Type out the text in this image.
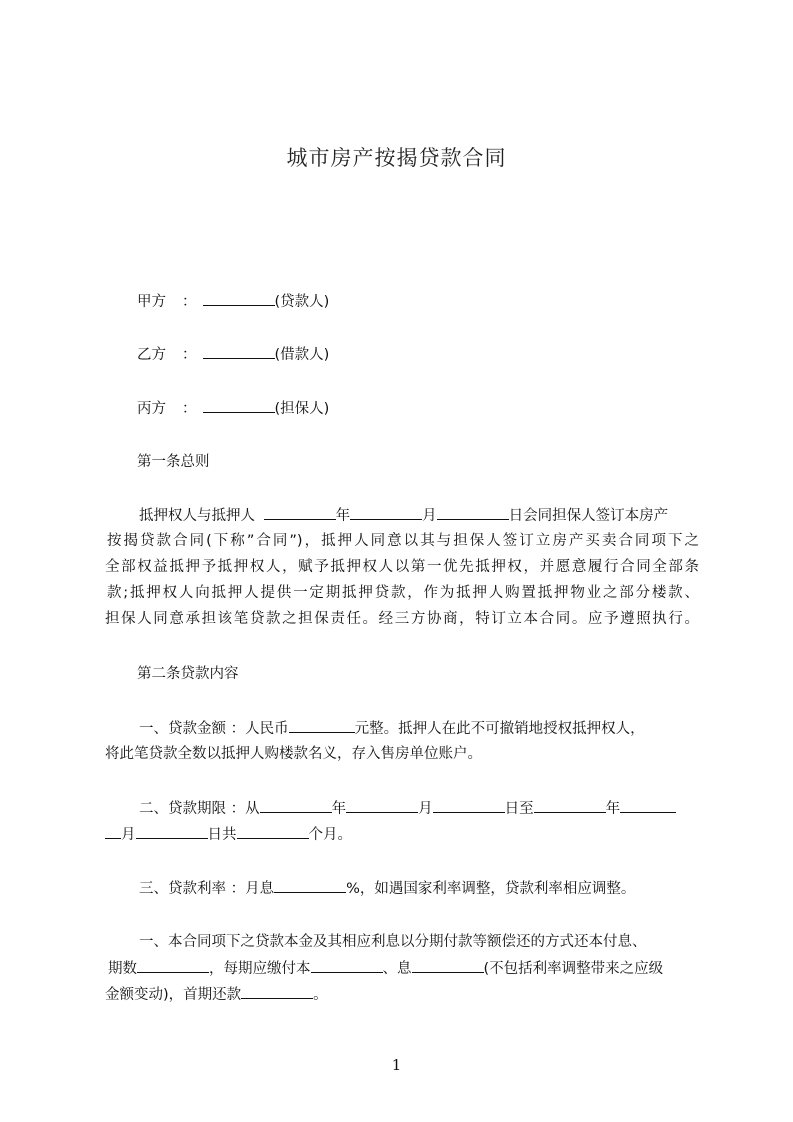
城市房产按揭贷款合同
甲方 ：	(贷款人)
乙方 ：	(借款人)
丙方 ：	(担保人)
第一条总则
抵押权人与抵押人	年	月	日会同担保人签订本房产
按揭贷款合同(下称”合同”)，抵押人同意以其与担保人签订立房产买卖合同项下之
全部权益抵押予抵押权人，赋予抵押权人以第一优先抵押权，并愿意履行合同全部条
款;抵押权人向抵押人提供一定期抵押贷款，作为抵押人购置抵押物业之部分楼款、
担保人同意承担该笔贷款之担保责任。经三方协商，特订立本合同。应予遵照执行。
第二条贷款内容
一、贷款金额 ：人民币	元整。抵押人在此不可撤销地授权抵押权人，
将此笔贷款全数以抵押人购楼款名义，存入售房单位账户。
二、贷款期限 ：从	年	月	日至	年
月	日共	个月。
三、贷款利率 ：月息	%，如遇国家利率调整，贷款利率相应调整。
一、本合同项下之贷款本金及其相应利息以分期付款等额偿还的方式还本付息、
期数	，每期应缴付本	、息	(不包括利率调整带来之应级
金额变动)，首期还款	。
1
